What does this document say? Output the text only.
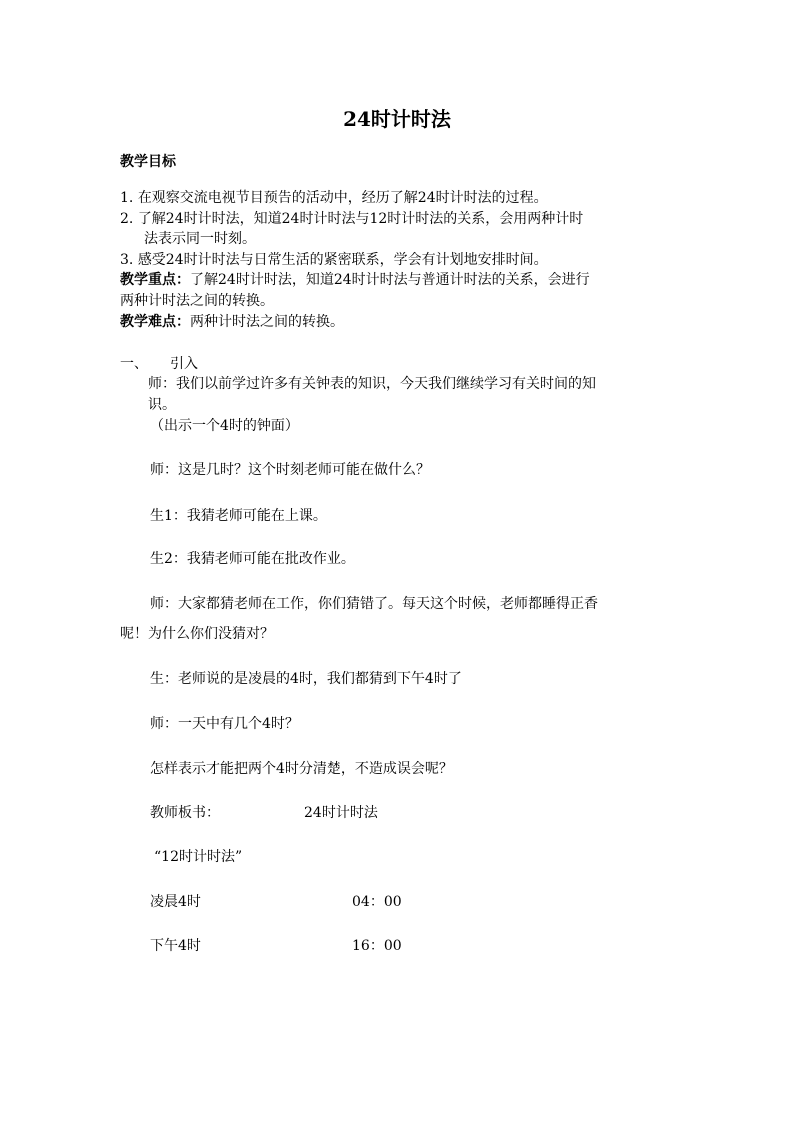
24时计时法
教学目标
1. 在观察交流电视节目预告的活动中，经历了解24时计时法的过程。
2. 了解24时计时法，知道24时计时法与12时计时法的关系，会用两种计时
法表示同一时刻。
3. 感受24时计时法与日常生活的紧密联系，学会有计划地安排时间。
教学重点：了解24时计时法，知道24时计时法与普通计时法的关系，会进行
两种计时法之间的转换。
教学难点：两种计时法之间的转换。
一、 引入
师：我们以前学过许多有关钟表的知识，今天我们继续学习有关时间的知
识。
（出示一个4时的钟面）
师：这是几时？这个时刻老师可能在做什么？
生1：我猜老师可能在上课。
生2：我猜老师可能在批改作业。
师：大家都猜老师在工作，你们猜错了。每天这个时候，老师都睡得正香
呢！为什么你们没猜对？
生：老师说的是凌晨的4时，我们都猜到下午4时了
师：一天中有几个4时？
怎样表示才能把两个4时分清楚，不造成误会呢？
教师板书：	24时计时法
“12时计时法”
凌晨4时	04：00
下午4时	16：00
